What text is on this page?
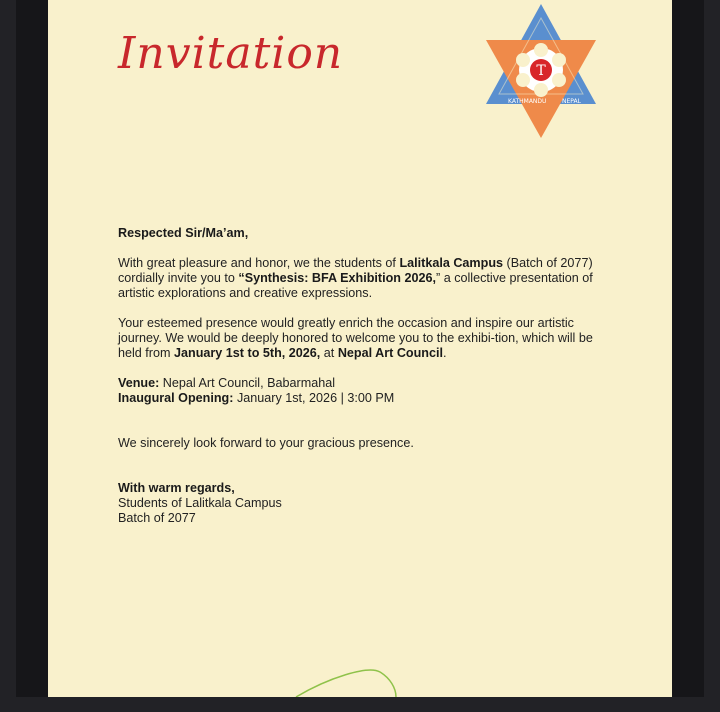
Invitation	T
KATHMANDU	NEPAL

Respected Sir/Ma’am,

With great pleasure and honor, we the students of Lalitkala Campus (Batch of 2077) cordially invite you to “Synthesis: BFA Exhibition 2026,” a collective presentation of artistic explorations and creative expressions.

Your esteemed presence would greatly enrich the occasion and inspire our artistic journey. We would be deeply honored to welcome you to the exhibi-tion, which will be held from January 1st to 5th, 2026, at Nepal Art Council.

Venue: Nepal Art Council, Babarmahal

Inaugural Opening: January 1st, 2026 | 3:00 PM

We sincerely look forward to your gracious presence.

With warm regards,

Students of Lalitkala Campus

Batch of 2077
